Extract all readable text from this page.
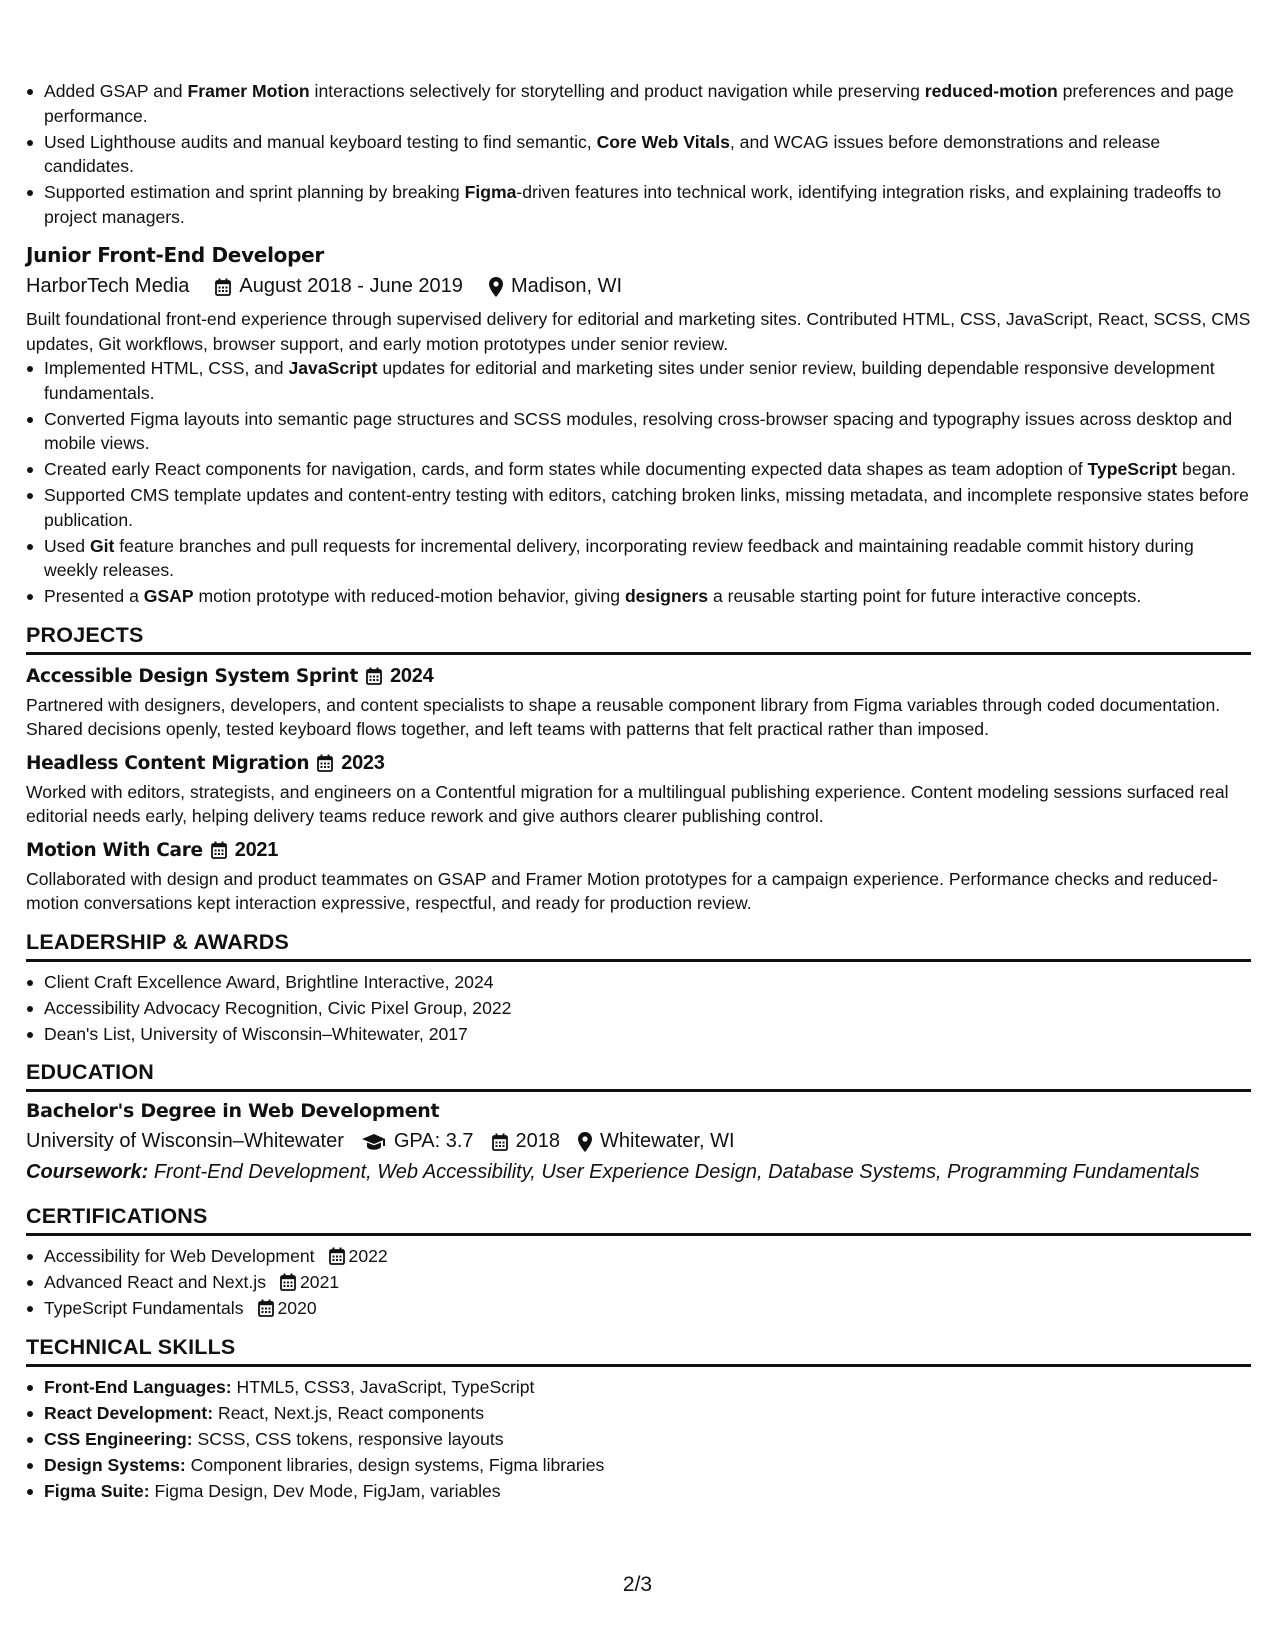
Added GSAP and Framer Motion interactions selectively for storytelling and product navigation while preserving reduced-motion preferences and page performance.
Used Lighthouse audits and manual keyboard testing to find semantic, Core Web Vitals, and WCAG issues before demonstrations and release candidates.
Supported estimation and sprint planning by breaking Figma-driven features into technical work, identifying integration risks, and explaining tradeoffs to project managers.
Junior Front-End Developer
HarborTech Media	August 2018 - June 2019 Madison, WI
Built foundational front-end experience through supervised delivery for editorial and marketing sites. Contributed HTML, CSS, JavaScript, React, SCSS, CMS updates, Git workflows, browser support, and early motion prototypes under senior review.
Implemented HTML, CSS, and JavaScript updates for editorial and marketing sites under senior review, building dependable responsive development fundamentals.
Converted Figma layouts into semantic page structures and SCSS modules, resolving cross-browser spacing and typography issues across desktop and mobile views.
Created early React components for navigation, cards, and form states while documenting expected data shapes as team adoption of TypeScript began.
Supported CMS template updates and content-entry testing with editors, catching broken links, missing metadata, and incomplete responsive states before publication.
Used Git feature branches and pull requests for incremental delivery, incorporating review feedback and maintaining readable commit history during weekly releases.
Presented a GSAP motion prototype with reduced-motion behavior, giving designers a reusable starting point for future interactive concepts.
PROJECTS
Accessible Design System Sprint 2024
Partnered with designers, developers, and content specialists to shape a reusable component library from Figma variables through coded documentation. Shared decisions openly, tested keyboard flows together, and left teams with patterns that felt practical rather than imposed.
Headless Content Migration 2023
Worked with editors, strategists, and engineers on a Contentful migration for a multilingual publishing experience. Content modeling sessions surfaced real editorial needs early, helping delivery teams reduce rework and give authors clearer publishing control.
Motion With Care 2021
Collaborated with design and product teammates on GSAP and Framer Motion prototypes for a campaign experience. Performance checks and reduced-motion conversations kept interaction expressive, respectful, and ready for production review.
LEADERSHIP & AWARDS
Client Craft Excellence Award, Brightline Interactive, 2024
Accessibility Advocacy Recognition, Civic Pixel Group, 2022
Dean's List, University of Wisconsin–Whitewater, 2017
EDUCATION
Bachelor's Degree in Web Development
University of Wisconsin–Whitewater	GPA: 3.7 2018 Whitewater, WI
Coursework: Front-End Development, Web Accessibility, User Experience Design, Database Systems, Programming Fundamentals
CERTIFICATIONS
Accessibility for Web Development 2022
Advanced React and Next.js 2021
TypeScript Fundamentals 2020
TECHNICAL SKILLS
Front-End Languages: HTML5, CSS3, JavaScript, TypeScript
React Development: React, Next.js, React components
CSS Engineering: SCSS, CSS tokens, responsive layouts
Design Systems: Component libraries, design systems, Figma libraries
Figma Suite: Figma Design, Dev Mode, FigJam, variables
2/3
